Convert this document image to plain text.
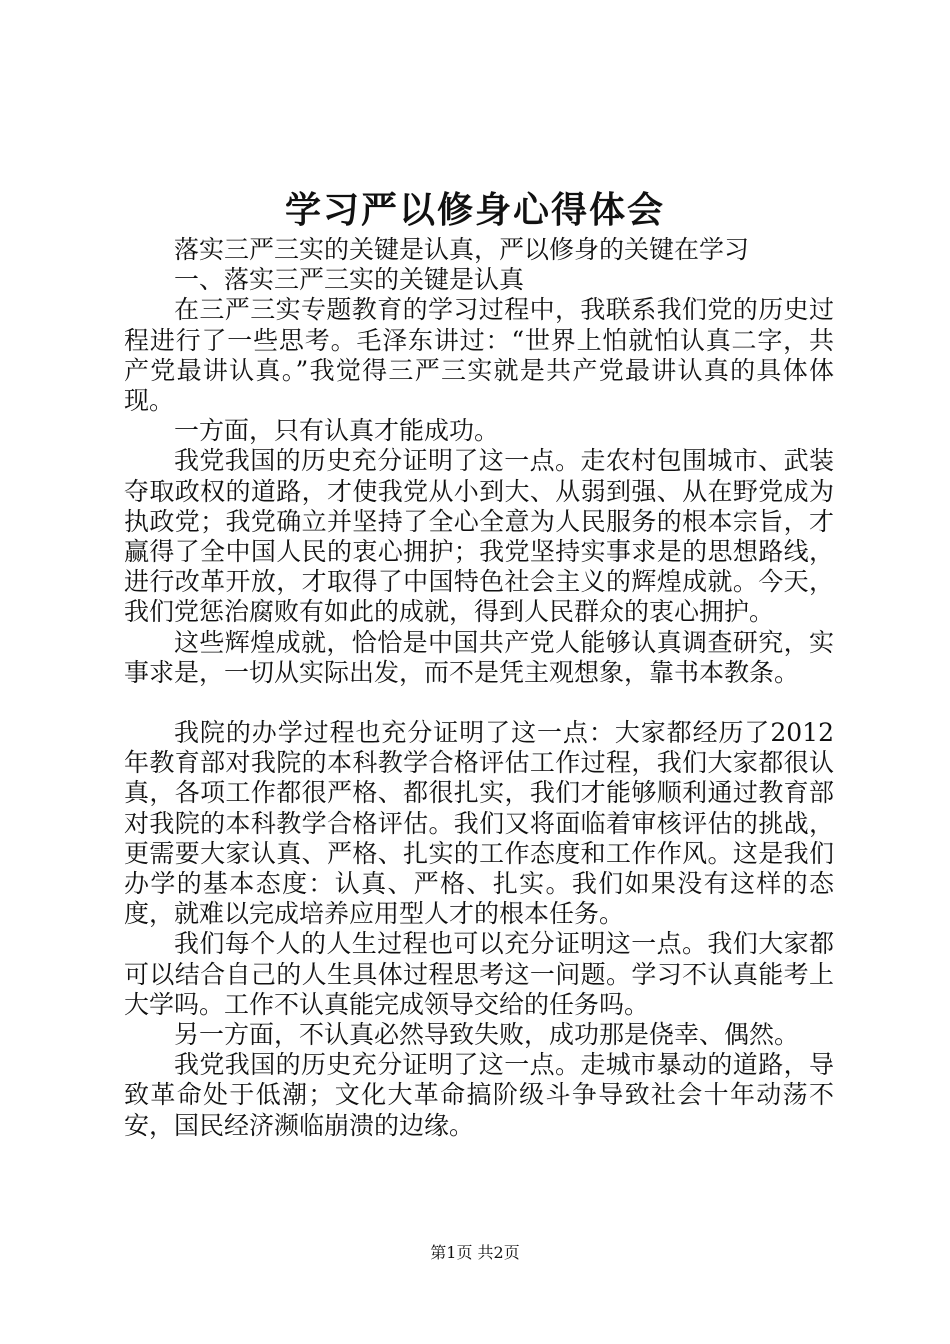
学习严以修身心得体会

落实三严三实的关键是认真，严以修身的关键在学习

一、落实三严三实的关键是认真

在三严三实专题教育的学习过程中，我联系我们党的历史过程进行了一些思考。毛泽东讲过：“世界上怕就怕认真二字，共产党最讲认真。”我觉得三严三实就是共产党最讲认真的具体体现。

一方面，只有认真才能成功。

我党我国的历史充分证明了这一点。走农村包围城市、武装夺取政权的道路，才使我党从小到大、从弱到强、从在野党成为执政党；我党确立并坚持了全心全意为人民服务的根本宗旨，才赢得了全中国人民的衷心拥护；我党坚持实事求是的思想路线，进行改革开放，才取得了中国特色社会主义的辉煌成就。今天，我们党惩治腐败有如此的成就，得到人民群众的衷心拥护。

这些辉煌成就，恰恰是中国共产党人能够认真调查研究，实事求是，一切从实际出发，而不是凭主观想象，靠书本教条。

我院的办学过程也充分证明了这一点：大家都经历了2012年教育部对我院的本科教学合格评估工作过程，我们大家都很认真，各项工作都很严格、都很扎实，我们才能够顺利通过教育部对我院的本科教学合格评估。我们又将面临着审核评估的挑战，更需要大家认真、严格、扎实的工作态度和工作作风。这是我们办学的基本态度：认真、严格、扎实。我们如果没有这样的态度，就难以完成培养应用型人才的根本任务。

我们每个人的人生过程也可以充分证明这一点。我们大家都可以结合自己的人生具体过程思考这一问题。学习不认真能考上大学吗。工作不认真能完成领导交给的任务吗。

另一方面，不认真必然导致失败，成功那是侥幸、偶然。

我党我国的历史充分证明了这一点。走城市暴动的道路，导致革命处于低潮；文化大革命搞阶级斗争导致社会十年动荡不安，国民经济濒临崩溃的边缘。

第1页 共2页
